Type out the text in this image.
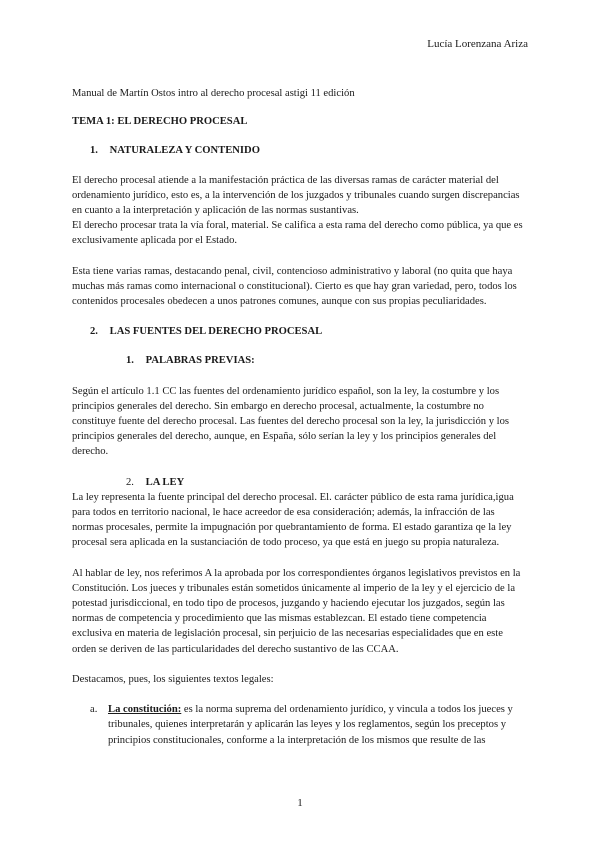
Lucía Lorenzana Ariza

Manual de Martín Ostos intro al derecho procesal astigi 11 edición

TEMA 1: EL DERECHO PROCESAL
1. NATURALEZA Y CONTENIDO

El derecho procesal atiende a la manifestación práctica de las diversas ramas de carácter material del ordenamiento jurídico, esto es, a la intervención de los juzgados y tribunales cuando surgen discrepancias en cuanto a la interpretación y aplicación de las normas sustantivas.

El derecho procesar trata la vía foral, material. Se califica a esta rama del derecho como pública, ya que es exclusivamente aplicada por el Estado.

Esta tiene varias ramas, destacando penal, civil, contencioso administrativo y laboral (no quita que haya muchas más ramas como internacional o constitucional). Cierto es que hay gran variedad, pero, todos los contenidos procesales obedecen a unos patrones comunes, aunque con sus propias peculiaridades.

2. LAS FUENTES DEL DERECHO PROCESAL
1. PALABRAS PREVIAS:

Según el artículo 1.1 CC las fuentes del ordenamiento jurídico español, son la ley, la costumbre y los principios generales del derecho. Sin embargo en derecho procesal, actualmente, la costumbre no constituye fuente del derecho procesal. Las fuentes del derecho procesal son la ley, la jurisdicción y los principios generales del derecho, aunque, en España, sólo serían la ley y los principios generales del derecho.

2. LA LEY

La ley representa la fuente principal del derecho procesal. El. carácter público de esta rama jurídica,igua para todos en territorio nacional, le hace acreedor de esa consideración; además, la infracción de las normas procesales, permite la impugnación por quebrantamiento de forma. El estado garantiza qe la ley procesal sera aplicada en la sustanciación de todo proceso, ya que está en juego su propia naturaleza.

Al hablar de ley, nos referimos A la aprobada por los correspondientes órganos legislativos previstos en la Constitución. Los jueces y tribunales están sometidos únicamente al imperio de la ley y el ejercicio de la potestad jurisdiccional, en todo tipo de procesos, juzgando y haciendo ejecutar los juzgados, según las normas de competencia y procedimiento que las mismas establezcan. El estado tiene competencia exclusiva en materia de legislación procesal, sin perjuicio de las necesarias especialidades que en este orden se deriven de las particularidades del derecho sustantivo de las CCAA.

Destacamos, pues, los siguientes textos legales:

a. La constitución: es la norma suprema del ordenamiento jurídico, y vincula a todos los jueces y tribunales, quienes interpretarán y aplicarán las leyes y los reglamentos, según los preceptos y principios constitucionales, conforme a la interpretación de los mismos que resulte de las
1
